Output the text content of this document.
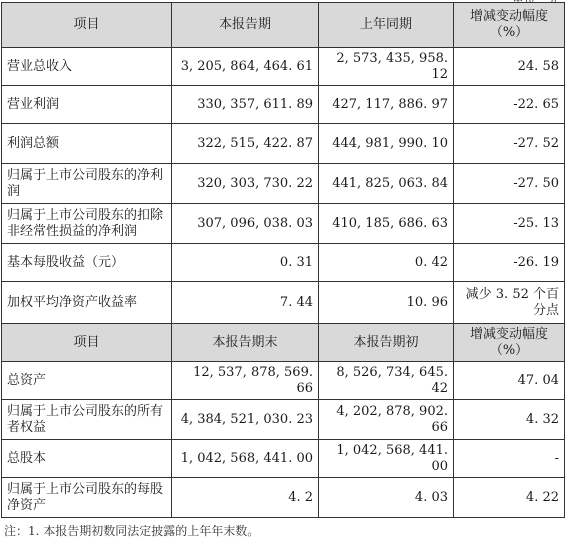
项目	本报告期	上年同期	增减变动幅度（%）
营业总收入	3, 205, 864, 464. 61	2, 573, 435, 958. 12	24. 58
营业利润	330, 357, 611. 89	427, 117, 886. 97	-22. 65
利润总额	322, 515, 422. 87	444, 981, 990. 10	-27. 52
归属于上市公司股东的净利润	320, 303, 730. 22	441, 825, 063. 84	-27. 50
归属于上市公司股东的扣除非经常性损益的净利润	307, 096, 038. 03	410, 185, 686. 63	-25. 13
基本每股收益（元）	0. 31	0. 42	-26. 19
加权平均净资产收益率	7. 44	10. 96	减少 3. 52 个百分点
项目	本报告期末	本报告期初	增减变动幅度（%）
总资产	12, 537, 878, 569. 66	8, 526, 734, 645. 42	47. 04
归属于上市公司股东的所有者权益	4, 384, 521, 030. 23	4, 202, 878, 902. 66	4. 32
总股本	1, 042, 568, 441. 00	1, 042, 568, 441. 00	-
归属于上市公司股东的每股净资产	4. 2	4. 03	4. 22
注：1. 本报告期初数同法定披露的上年年末数。
